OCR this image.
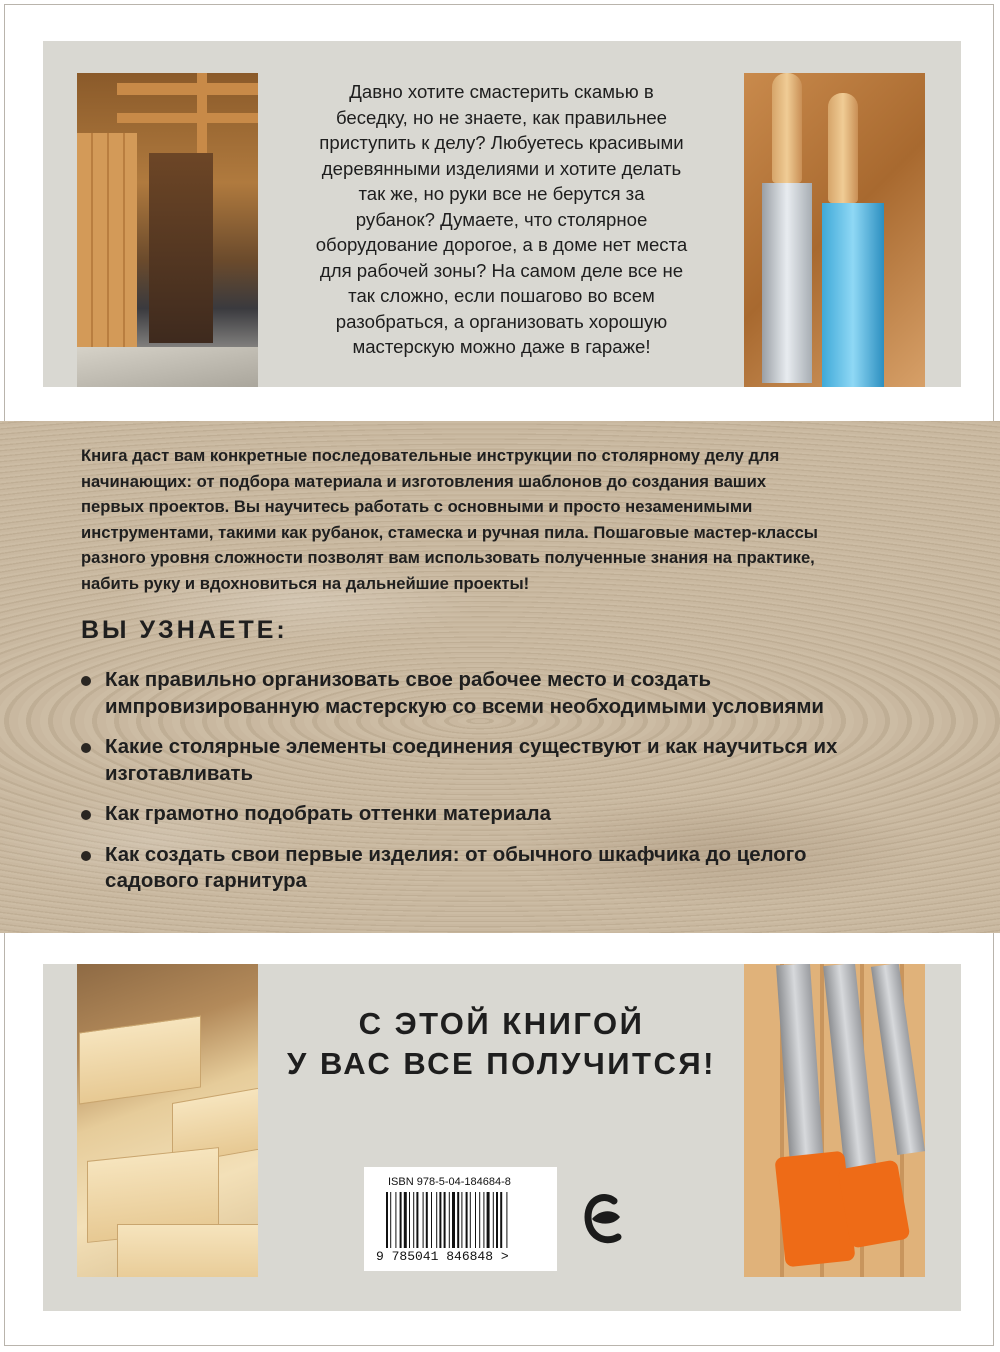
Давно хотите смастерить скамью в
беседку, но не знаете, как правильнее
приступить к делу? Любуетесь красивыми
деревянными изделиями и хотите делать
так же, но руки все не берутся за
рубанок? Думаете, что столярное
оборудование дорогое, а в доме нет места
для рабочей зоны? На самом деле все не
так сложно, если пошагово во всем
разобраться, а организовать хорошую
мастерскую можно даже в гараже!
Книга даст вам конкретные последовательные инструкции по столярному делу для
начинающих: от подбора материала и изготовления шаблонов до создания ваших
первых проектов. Вы научитесь работать с основными и просто незаменимыми
инструментами, такими как рубанок, стамеска и ручная пила. Пошаговые мастер-классы
разного уровня сложности позволят вам использовать полученные знания на практике,
набить руку и вдохновиться на дальнейшие проекты!
ВЫ УЗНАЕТЕ:
Как правильно организовать свое рабочее место и создать
импровизированную мастерскую со всеми необходимыми условиями
Какие столярные элементы соединения существуют и как научиться их
изготавливать
Как грамотно подобрать оттенки материала
Как создать свои первые изделия: от обычного шкафчика до целого
садового гарнитура
С ЭТОЙ КНИГОЙ
У ВАС ВСЕ ПОЛУЧИТСЯ!
ISBN 978-5-04-184684-8
9 785041 846848 >
